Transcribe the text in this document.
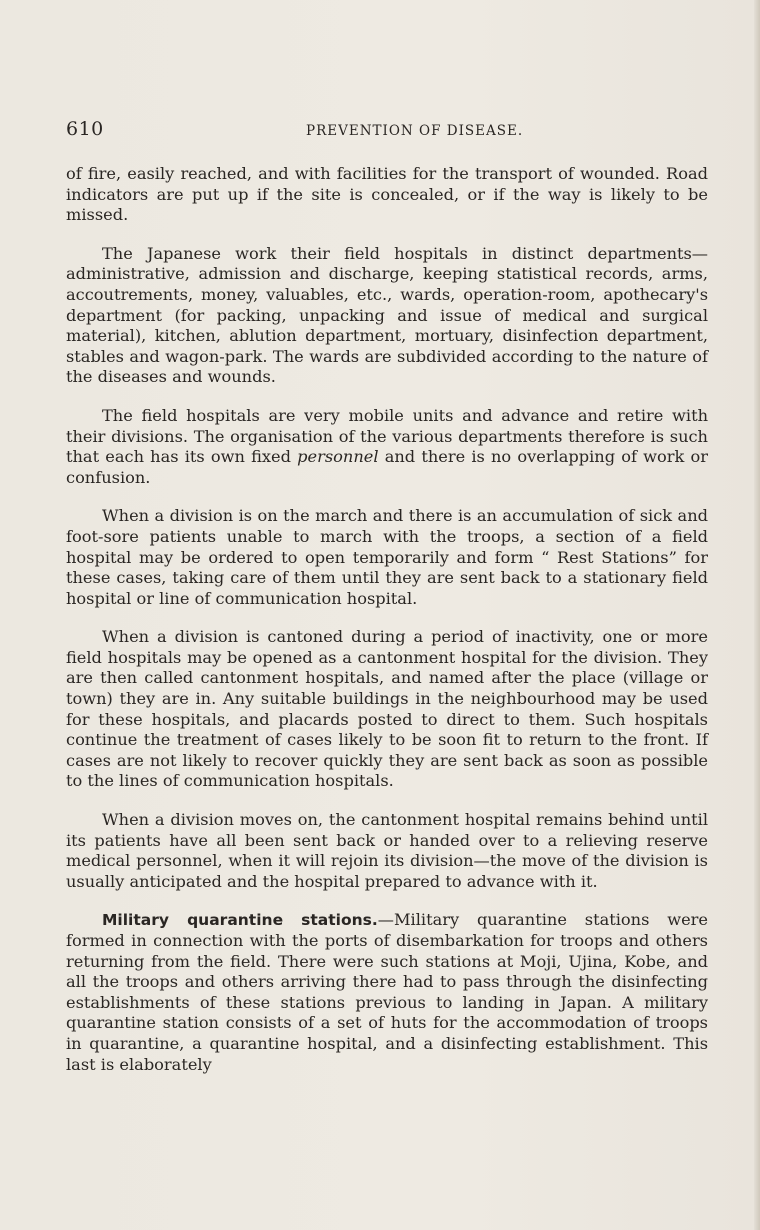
610	PREVENTION OF DISEASE.

of fire, easily reached, and with facilities for the transport of wounded. Road indicators are put up if the site is concealed, or if the way is likely to be missed.

The Japanese work their field hospitals in distinct departments—administrative, admission and discharge, keeping statistical records, arms, accoutrements, money, valuables, etc., wards, operation-room, apothecary's department (for packing, unpacking and issue of medical and surgical material), kitchen, ablution department, mortuary, disinfection department, stables and wagon-park. The wards are subdivided according to the nature of the diseases and wounds.

The field hospitals are very mobile units and advance and retire with their divisions. The organisation of the various departments therefore is such that each has its own fixed personnel and there is no overlapping of work or confusion.

When a division is on the march and there is an accumulation of sick and foot-sore patients unable to march with the troops, a section of a field hospital may be ordered to open temporarily and form “ Rest Stations” for these cases, taking care of them until they are sent back to a stationary field hospital or line of communication hospital.

When a division is cantoned during a period of inactivity, one or more field hospitals may be opened as a cantonment hospital for the division. They are then called cantonment hospitals, and named after the place (village or town) they are in. Any suitable buildings in the neighbourhood may be used for these hospitals, and placards posted to direct to them. Such hospitals continue the treatment of cases likely to be soon fit to return to the front. If cases are not likely to recover quickly they are sent back as soon as possible to the lines of communication hospitals.

When a division moves on, the cantonment hospital remains behind until its patients have all been sent back or handed over to a relieving reserve medical personnel, when it will rejoin its division—the move of the division is usually anticipated and the hospital prepared to advance with it.

Military quarantine stations.—Military quarantine stations were formed in connection with the ports of disembarkation for troops and others returning from the field. There were such stations at Moji, Ujina, Kobe, and all the troops and others arriving there had to pass through the disinfecting establishments of these stations previous to landing in Japan. A military quarantine station consists of a set of huts for the accommodation of troops in quarantine, a quarantine hospital, and a disinfecting establishment. This last is elaborately
